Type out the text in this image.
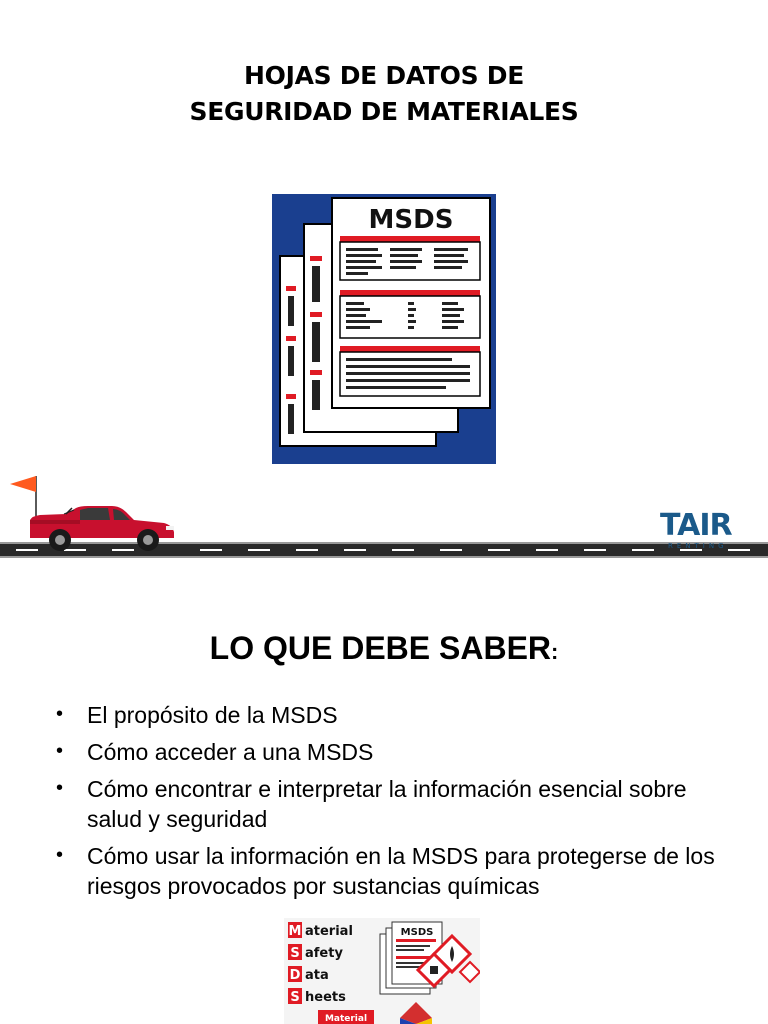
HOJAS DE DATOS DE
SEGURIDAD DE MATERIALES
MSDS
TAIR
RENTING
LO QUE DEBE SABER:
• El propósito de la MSDS
• Cómo acceder a una MSDS
• Cómo encontrar e interpretar la información esencial sobre salud y seguridad
• Cómo usar la información en la MSDS para protegerse de los riesgos provocados por sustancias químicas
M aterial
S afety
D ata
S heets
Material
MSDS
